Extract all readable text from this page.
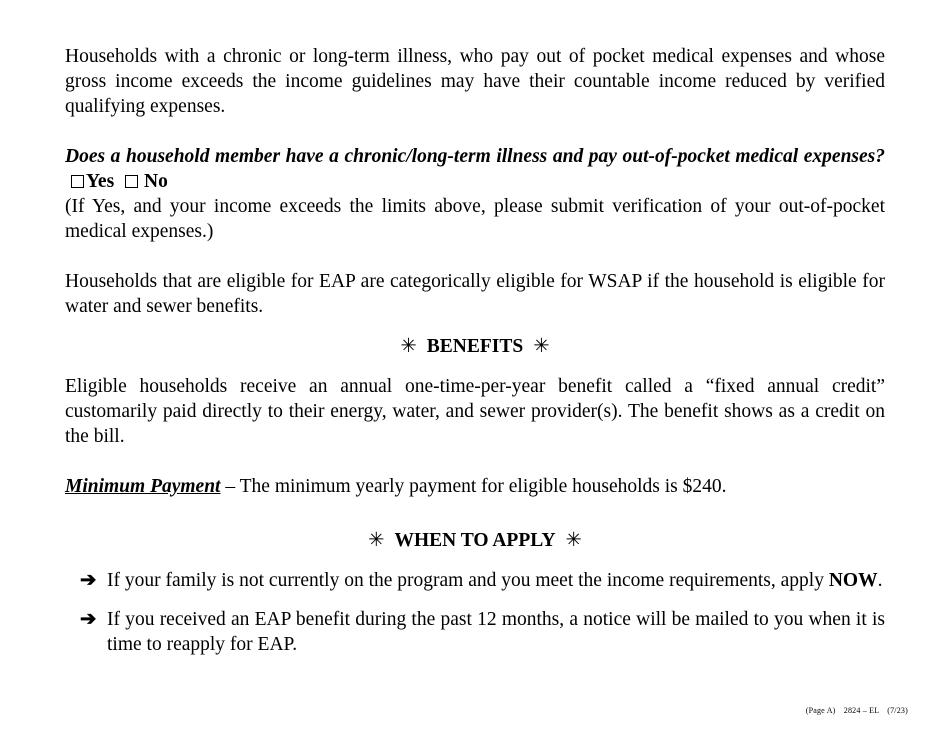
Households with a chronic or long-term illness, who pay out of pocket medical expenses and whose gross income exceeds the income guidelines may have their countable income reduced by verified qualifying expenses.

Does a household member have a chronic/long-term illness and pay out-of-pocket medical expenses? Yes No

(If Yes, and your income exceeds the limits above, please submit verification of your out-of-pocket medical expenses.)

Households that are eligible for EAP are categorically eligible for WSAP if the household is eligible for water and sewer benefits.

✳ BENEFITS ✳

Eligible households receive an annual one-time-per-year benefit called a “fixed annual credit” customarily paid directly to their energy, water, and sewer provider(s). The benefit shows as a credit on the bill.

Minimum Payment – The minimum yearly payment for eligible households is $240.

✳ WHEN TO APPLY ✳

➔ If your family is not currently on the program and you meet the income requirements, apply NOW.

➔ If you received an EAP benefit during the past 12 months, a notice will be mailed to you when it is time to reapply for EAP.

(Page A) 2824 – EL (7/23)
